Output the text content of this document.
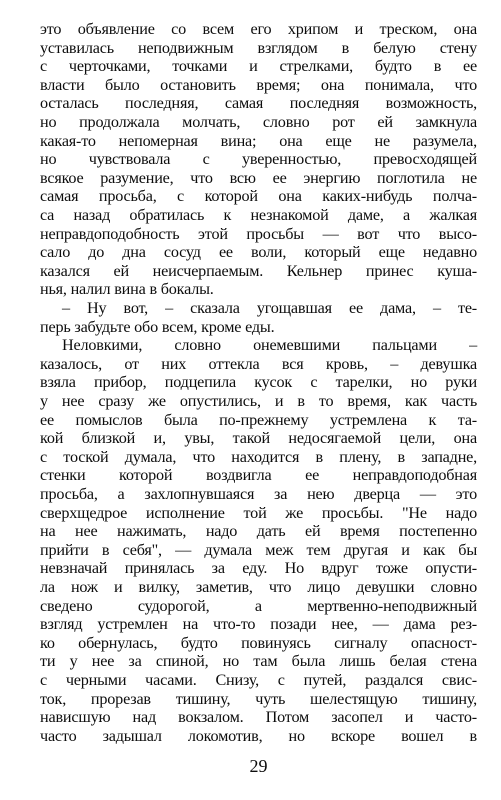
это объявление со всем его хрипом и треском, она
уставилась неподвижным взглядом в белую стену
с черточками, точками и стрелками, будто в ее
власти было остановить время; она понимала, что
осталась последняя, самая последняя возможность,
но продолжала молчать, словно рот ей замкнула
какая-то непомерная вина; она еще не разумела,
но чувствовала с уверенностью, превосходящей
всякое разумение, что всю ее энергию поглотила не
самая просьба, с которой она каких-нибудь полча-
са назад обратилась к незнакомой даме, а жалкая
неправдоподобность этой просьбы — вот что высо-
сало до дна сосуд ее воли, который еще недавно
казался ей неисчерпаемым. Кельнер принес куша-
нья, налил вина в бокалы.
– Ну вот, – сказала угощавшая ее дама, – те-
перь забудьте обо всем, кроме еды.
Неловкими, словно онемевшими пальцами –
казалось, от них оттекла вся кровь, – девушка
взяла прибор, подцепила кусок с тарелки, но руки
у нее сразу же опустились, и в то время, как часть
ее помыслов была по-прежнему устремлена к та-
кой близкой и, увы, такой недосягаемой цели, она
с тоской думала, что находится в плену, в западне,
стенки которой воздвигла ее неправдоподобная
просьба, а захлопнувшаяся за нею дверца — это
сверхщедрое исполнение той же просьбы. "Не надо
на нее нажимать, надо дать ей время постепенно
прийти в себя", — думала меж тем другая и как бы
невзначай принялась за еду. Но вдруг тоже опусти-
ла нож и вилку, заметив, что лицо девушки словно
сведено судорогой, а мертвенно-неподвижный
взгляд устремлен на что-то позади нее, — дама рез-
ко обернулась, будто повинуясь сигналу опасност-
ти у нее за спиной, но там была лишь белая стена
с черными часами. Снизу, с путей, раздался свис-
ток, прорезав тишину, чуть шелестящую тишину,
нависшую над вокзалом. Потом засопел и часто-
часто задышал локомотив, но вскоре вошел в
29
